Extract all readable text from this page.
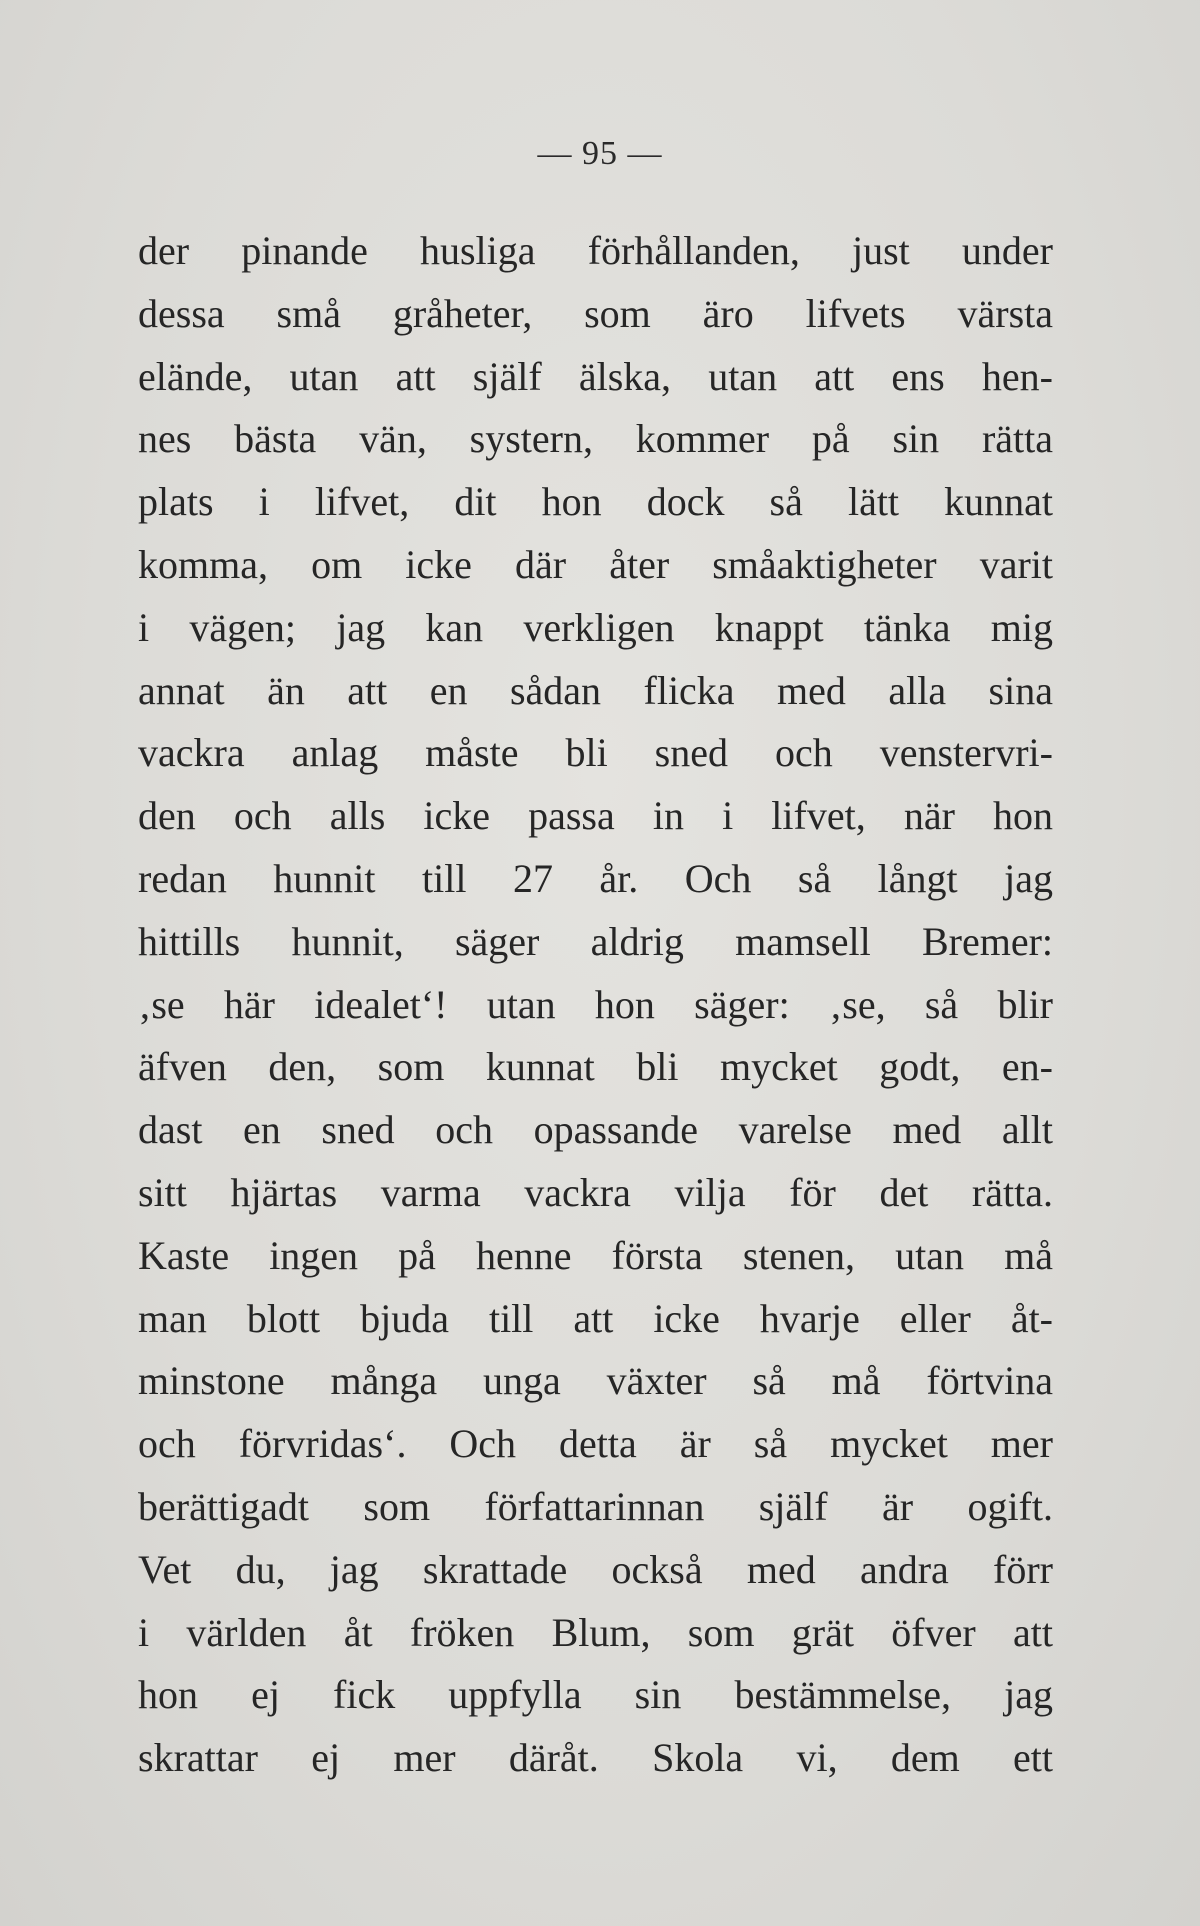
— 95 —
der pinande husliga förhållanden, just under
dessa små gråheter, som äro lifvets värsta
elände, utan att själf älska, utan att ens hen-
nes bästa vän, systern, kommer på sin rätta
plats i lifvet, dit hon dock så lätt kunnat
komma, om icke där åter småaktigheter varit
i vägen; jag kan verkligen knappt tänka mig
annat än att en sådan flicka med alla sina
vackra anlag måste bli sned och venstervri-
den och alls icke passa in i lifvet, när hon
redan hunnit till 27 år. Och så långt jag
hittills hunnit, säger aldrig mamsell Bremer:
‚se här idealet‘! utan hon säger: ‚se, så blir
äfven den, som kunnat bli mycket godt, en-
dast en sned och opassande varelse med allt
sitt hjärtas varma vackra vilja för det rätta.
Kaste ingen på henne första stenen, utan må
man blott bjuda till att icke hvarje eller åt-
minstone många unga växter så må förtvina
och förvridas‘. Och detta är så mycket mer
berättigadt som författarinnan själf är ogift.
Vet du, jag skrattade också med andra förr
i världen åt fröken Blum, som grät öfver att
hon ej fick uppfylla sin bestämmelse, jag
skrattar ej mer däråt. Skola vi, dem ett
